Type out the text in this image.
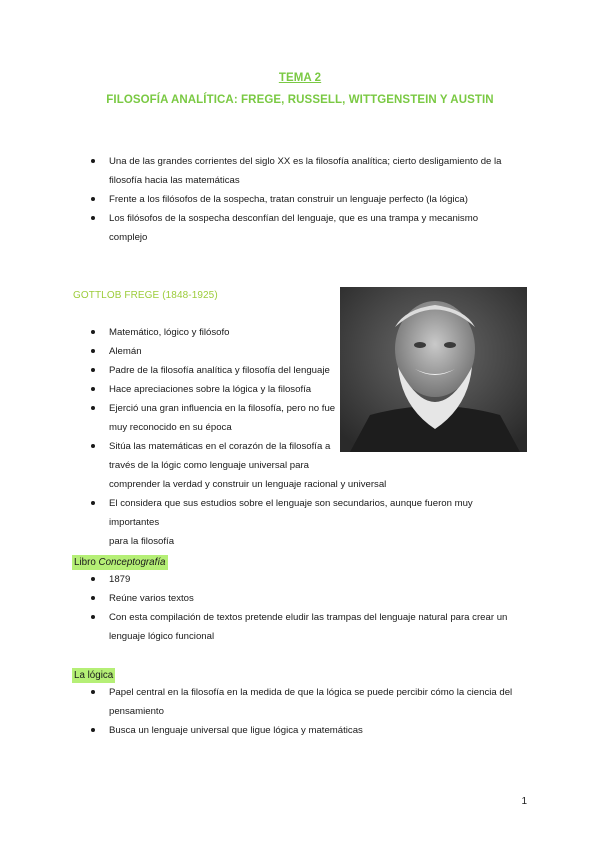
TEMA 2
FILOSOFÍA ANALÍTICA: FREGE, RUSSELL, WITTGENSTEIN Y AUSTIN
Una de las grandes corrientes del siglo XX es la filosofía analítica; cierto desligamiento de la
filosofía hacia las matemáticas
Frente a los filósofos de la sospecha, tratan construir un lenguaje perfecto (la lógica)
Los filósofos de la sospecha desconfían del lenguaje, que es una trampa y mecanismo complejo
GOTTLOB FREGE (1848-1925)
Matemático, lógico y filósofo
Alemán
Padre de la filosofía analítica y filosofía del lenguaje
Hace apreciaciones sobre la lógica y la filosofía
Ejerció una gran influencia en la filosofía, pero no fue
muy reconocido en su época
Sitúa las matemáticas en el corazón de la filosofía a
través de la lógic como lenguaje universal para
comprender la verdad y construir un lenguaje racional y universal
El considera que sus estudios sobre el lenguaje son secundarios, aunque fueron muy importantes
para la filosofía
Libro Conceptografía
1879
Reúne varios textos
Con esta compilación de textos pretende eludir las trampas del lenguaje natural para crear un
lenguaje lógico funcional
La lógica
Papel central en la filosofía en la medida de que la lógica se puede percibir cómo la ciencia del
pensamiento
Busca un lenguaje universal que ligue lógica y matemáticas
1
